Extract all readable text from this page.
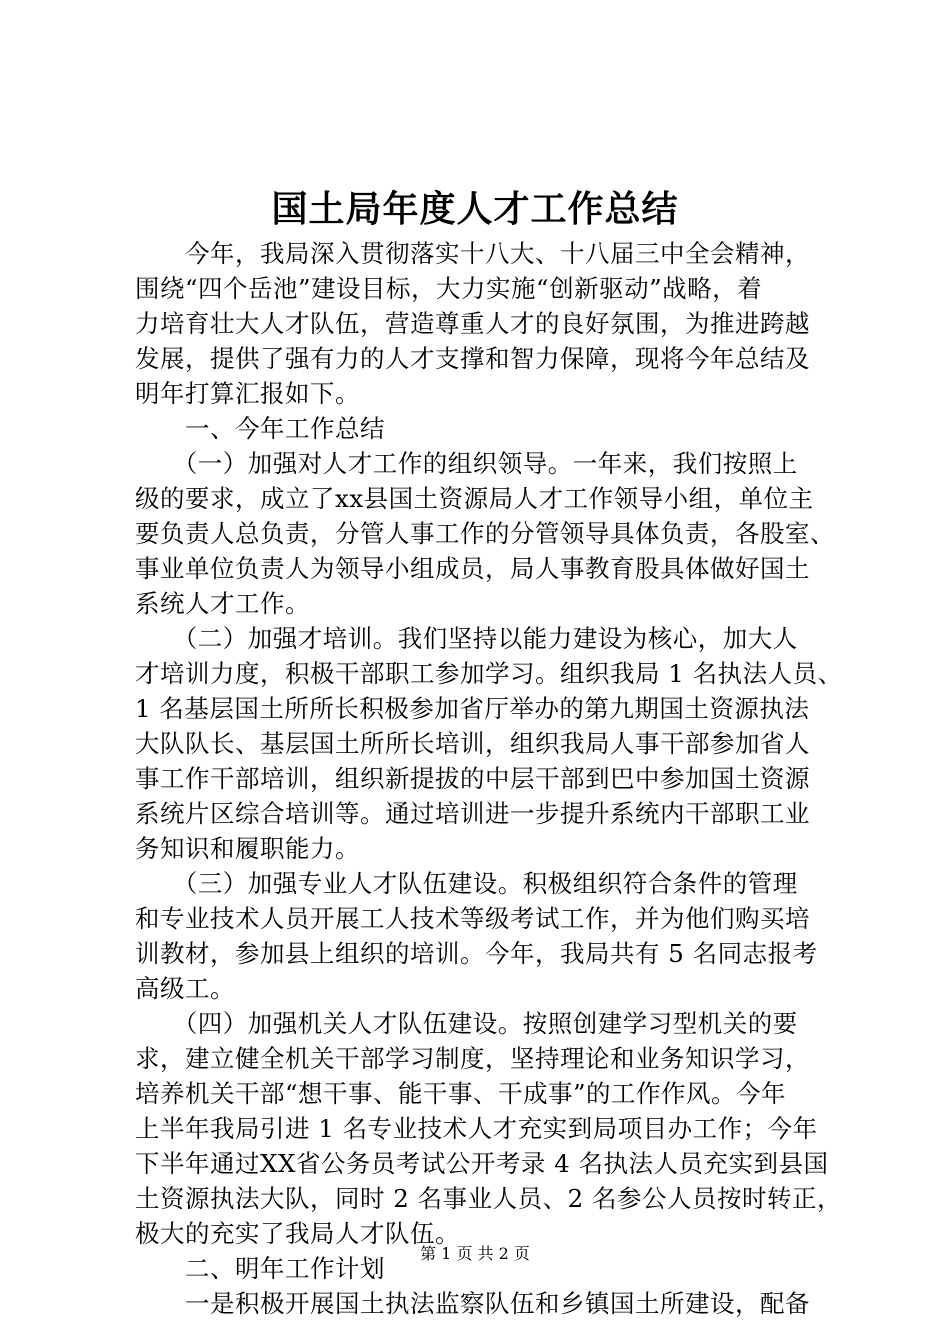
国土局年度人才工作总结
　　今年，我局深入贯彻落实十八大、十八届三中全会精神，
围绕“四个岳池”建设目标，大力实施“创新驱动”战略，着
力培育壮大人才队伍，营造尊重人才的良好氛围，为推进跨越
发展，提供了强有力的人才支撑和智力保障，现将今年总结及
明年打算汇报如下。
　　一、今年工作总结
　　（一）加强对人才工作的组织领导。一年来，我们按照上
级的要求，成立了xx县国土资源局人才工作领导小组，单位主
要负责人总负责，分管人事工作的分管领导具体负责，各股室、
事业单位负责人为领导小组成员，局人事教育股具体做好国土
系统人才工作。
　　（二）加强才培训。我们坚持以能力建设为核心，加大人
才培训力度，积极干部职工参加学习。组织我局 1 名执法人员、
1 名基层国土所所长积极参加省厅举办的第九期国土资源执法
大队队长、基层国土所所长培训，组织我局人事干部参加省人
事工作干部培训，组织新提拔的中层干部到巴中参加国土资源
系统片区综合培训等。通过培训进一步提升系统内干部职工业
务知识和履职能力。
　　（三）加强专业人才队伍建设。积极组织符合条件的管理
和专业技术人员开展工人技术等级考试工作，并为他们购买培
训教材，参加县上组织的培训。今年，我局共有 5 名同志报考
高级工。
　　（四）加强机关人才队伍建设。按照创建学习型机关的要
求，建立健全机关干部学习制度，坚持理论和业务知识学习，
培养机关干部“想干事、能干事、干成事”的工作作风。今年
上半年我局引进 1 名专业技术人才充实到局项目办工作；今年
下半年通过XX省公务员考试公开考录 4 名执法人员充实到县国
土资源执法大队，同时 2 名事业人员、2 名参公人员按时转正，
极大的充实了我局人才队伍。
　　二、明年工作计划
　　一是积极开展国土执法监察队伍和乡镇国土所建设，配备
第 1 页 共 2 页
